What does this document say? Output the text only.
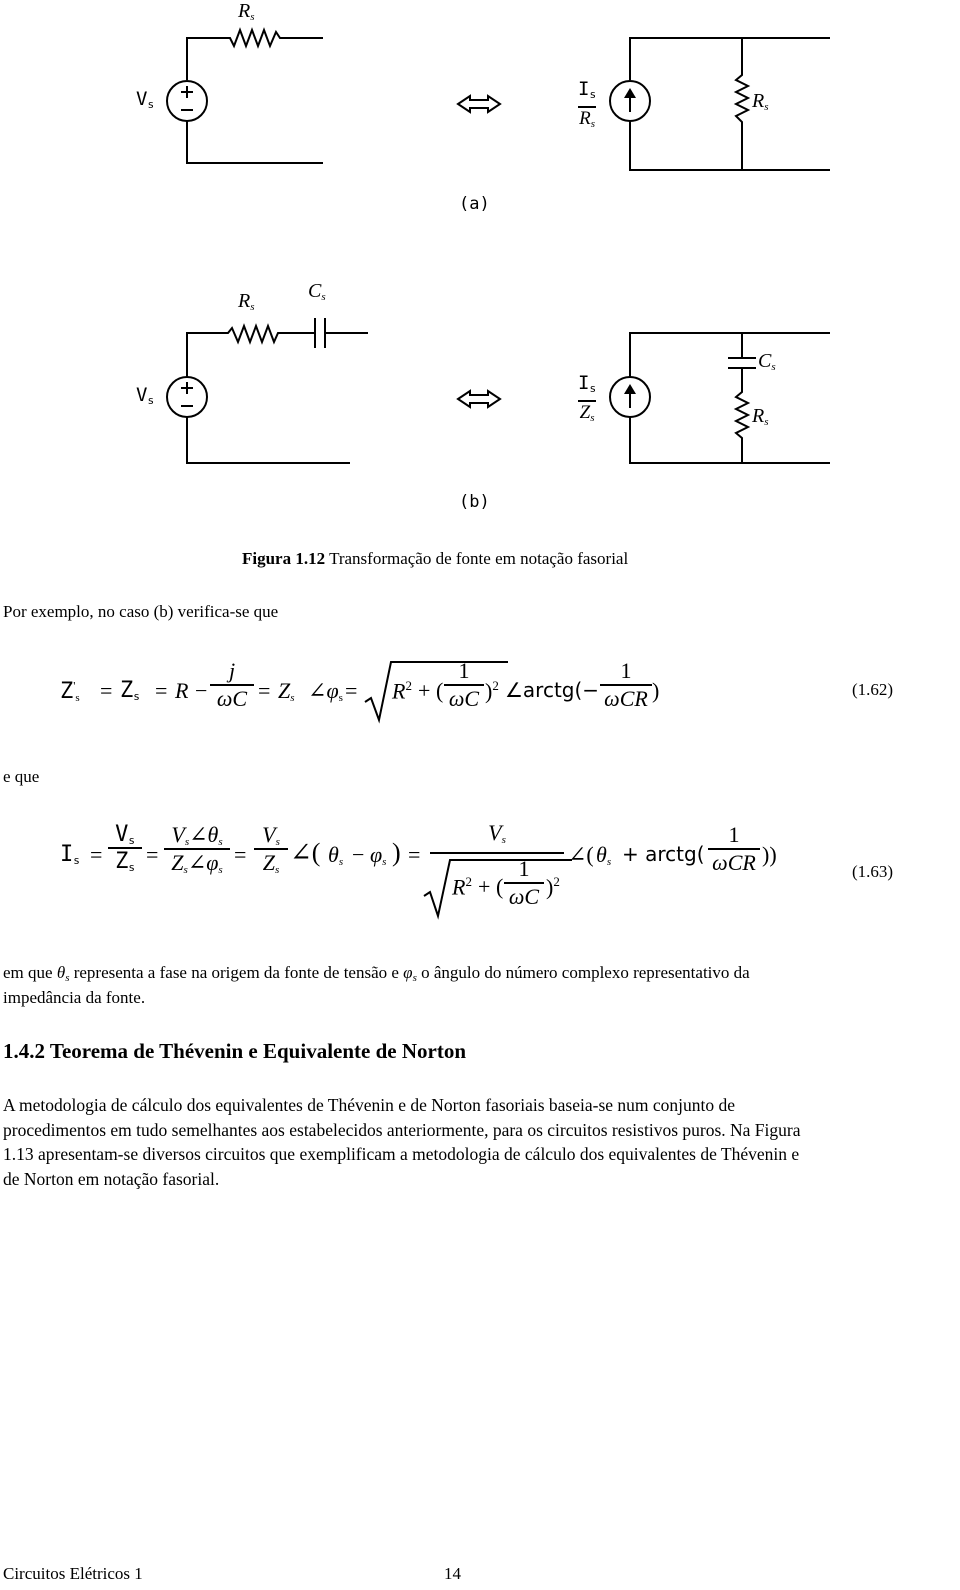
$R_s$
$V_s$
$I_s$
$R_s$
$R_s$
(a)
$R_s$
$C_s$
$V_s$
$I_s$
$Z_s$
$C_s$
$R_s$
(b)
Figura 1.12 Transformação de fonte em notação fasorial
Por exemplo, no caso (b) verifica-se que
$Z'_s = Z_s = R$ −
j
$\omega C = Z_s$ $\angle\varphi_s = R^2$ + (
1
ωC )$^2$ ∠arctg(−
1
ωCR )	(1.62)
e que
$I_s$ =
$V_s$
$Z_s$
=
$V_s\angle\theta_s$
$Z_s\angle\varphi_s$
=
$V_s$
$Z_s$
∠( $\theta_s - \varphi_s$ ) =
$V_s$
$R^2$ + (
1
ωC )$^2$
∠( $\theta_s$ + arctg(
1
ωCR ))
(1.63)
em que $\theta_s$ representa a fase na origem da fonte de tensão e $\varphi_s$ o ângulo do número complexo representativo da
impedância da fonte.
1.4.2 Teorema de Thévenin e Equivalente de Norton
A metodologia de cálculo dos equivalentes de Thévenin e de Norton fasoriais baseia-se num conjunto de
procedimentos em tudo semelhantes aos estabelecidos anteriormente, para os circuitos resistivos puros. Na Figura
1.13 apresentam-se diversos circuitos que exemplificam a metodologia de cálculo dos equivalentes de Thévenin e
de Norton em notação fasorial.
Circuitos Elétricos 1	14
